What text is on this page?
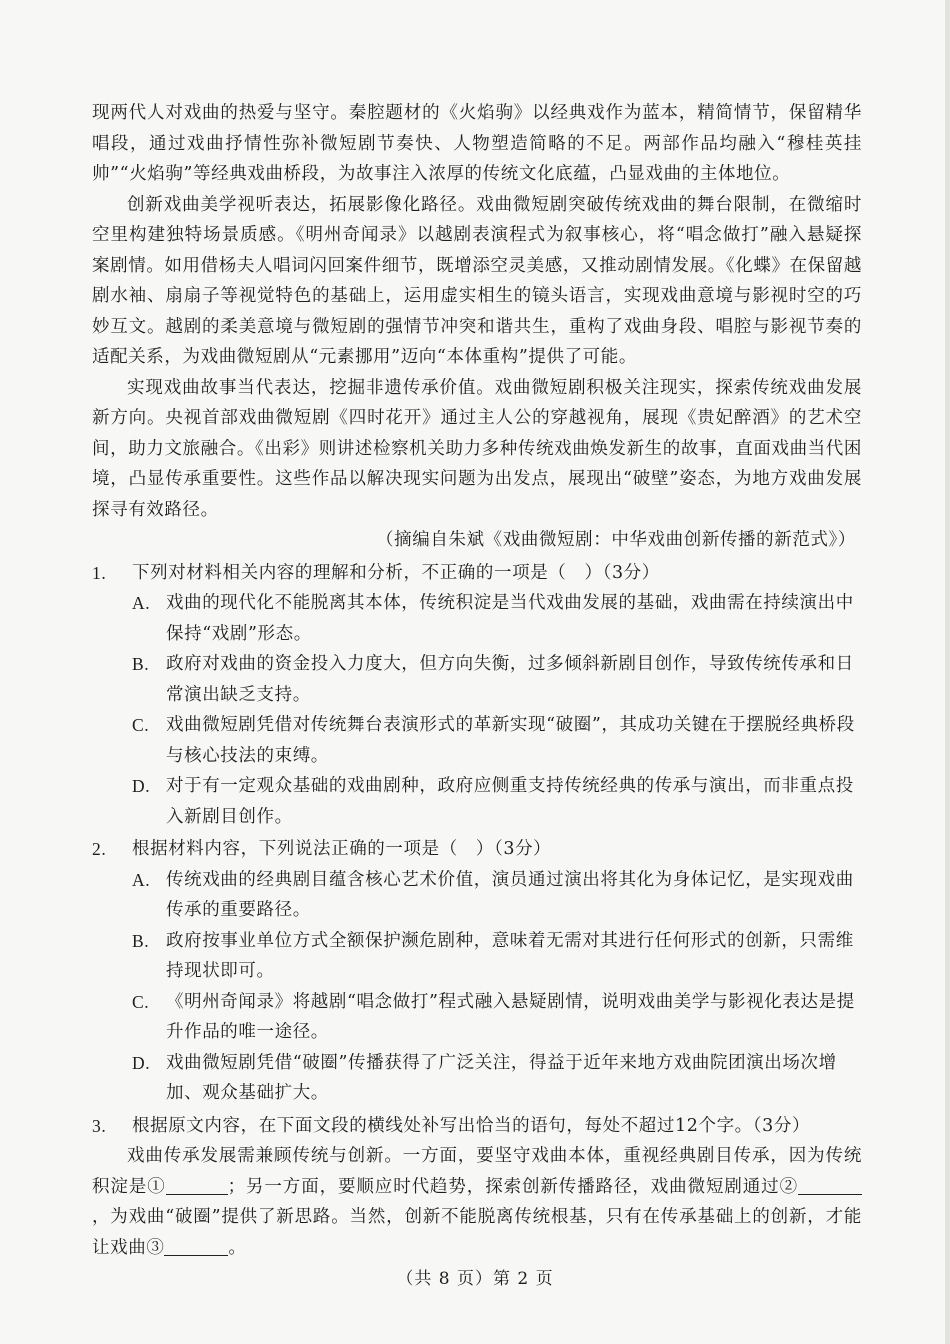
现两代人对戏曲的热爱与坚守。秦腔题材的《火焰驹》以经典戏作为蓝本，精简情节，保留精华唱段，通过戏曲抒情性弥补微短剧节奏快、人物塑造简略的不足。两部作品均融入“穆桂英挂帅”“火焰驹”等经典戏曲桥段，为故事注入浓厚的传统文化底蕴，凸显戏曲的主体地位。

创新戏曲美学视听表达，拓展影像化路径。戏曲微短剧突破传统戏曲的舞台限制，在微缩时空里构建独特场景质感。《明州奇闻录》以越剧表演程式为叙事核心，将“唱念做打”融入悬疑探案剧情。如用借杨夫人唱词闪回案件细节，既增添空灵美感，又推动剧情发展。《化蝶》在保留越剧水袖、扇扇子等视觉特色的基础上，运用虚实相生的镜头语言，实现戏曲意境与影视时空的巧妙互文。越剧的柔美意境与微短剧的强情节冲突和谐共生，重构了戏曲身段、唱腔与影视节奏的适配关系，为戏曲微短剧从“元素挪用”迈向“本体重构”提供了可能。

实现戏曲故事当代表达，挖掘非遗传承价值。戏曲微短剧积极关注现实，探索传统戏曲发展新方向。央视首部戏曲微短剧《四时花开》通过主人公的穿越视角，展现《贵妃醉酒》的艺术空间，助力文旅融合。《出彩》则讲述检察机关助力多种传统戏曲焕发新生的故事，直面戏曲当代困境，凸显传承重要性。这些作品以解决现实问题为出发点，展现出“破壁”姿态，为地方戏曲发展探寻有效路径。

（摘编自朱斌《戏曲微短剧：中华戏曲创新传播的新范式》）

1.	下列对材料相关内容的理解和分析，不正确的一项是（　）（3分）
A. 戏曲的现代化不能脱离其本体，传统积淀是当代戏曲发展的基础，戏曲需在持续演出中保持“戏剧”形态。
B. 政府对戏曲的资金投入力度大，但方向失衡，过多倾斜新剧目创作，导致传统传承和日常演出缺乏支持。
C. 戏曲微短剧凭借对传统舞台表演形式的革新实现“破圈”，其成功关键在于摆脱经典桥段与核心技法的束缚。
D. 对于有一定观众基础的戏曲剧种，政府应侧重支持传统经典的传承与演出，而非重点投入新剧目创作。
2.	根据材料内容，下列说法正确的一项是（　）（3分）
A. 传统戏曲的经典剧目蕴含核心艺术价值，演员通过演出将其化为身体记忆，是实现戏曲传承的重要路径。
B. 政府按事业单位方式全额保护濒危剧种，意味着无需对其进行任何形式的创新，只需维持现状即可。
C. 《明州奇闻录》将越剧“唱念做打”程式融入悬疑剧情，说明戏曲美学与影视化表达是提升作品的唯一途径。
D. 戏曲微短剧凭借“破圈”传播获得了广泛关注，得益于近年来地方戏曲院团演出场次增加、观众基础扩大。
3.	根据原文内容，在下面文段的横线处补写出恰当的语句，每处不超过12个字。（3分）

戏曲传承发展需兼顾传统与创新。一方面，要坚守戏曲本体，重视经典剧目传承，因为传统积淀是①	；另一方面，要顺应时代趋势，探索创新传播路径，戏曲微短剧通过②，为戏曲“破圈”提供了新思路。当然，创新不能脱离传统根基，只有在传承基础上的创新，才能让戏曲③	。

（共 8 页）第 2 页
